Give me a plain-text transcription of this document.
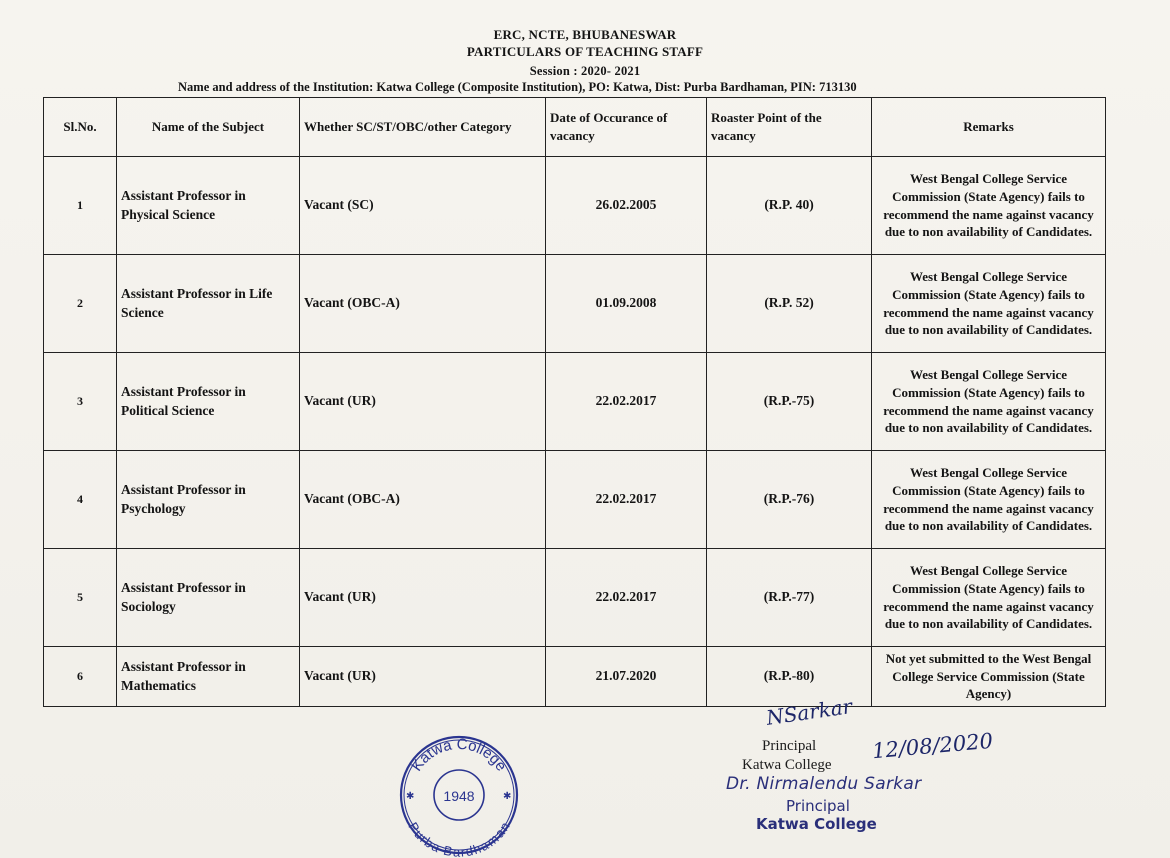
ERC, NCTE, BHUBANESWAR
PARTICULARS OF TEACHING STAFF
Session : 2020- 2021
Name and address of the Institution: Katwa College (Composite Institution), PO: Katwa, Dist: Purba Bardhaman, PIN: 713130
Sl.No.	Name of the Subject	Whether SC/ST/OBC/other Category	Date of Occurance of vacancy	Roaster Point of the vacancy	Remarks
1	Assistant Professor in Physical Science	Vacant (SC)	26.02.2005	(R.P. 40)	West Bengal College Service Commission (State Agency) fails to recommend the name against vacancy due to non availability of Candidates.
2	Assistant Professor in Life Science	Vacant (OBC-A)	01.09.2008	(R.P. 52)	West Bengal College Service Commission (State Agency) fails to recommend the name against vacancy due to non availability of Candidates.
3	Assistant Professor in Political Science	Vacant (UR)	22.02.2017	(R.P.-75)	West Bengal College Service Commission (State Agency) fails to recommend the name against vacancy due to non availability of Candidates.
4	Assistant Professor in Psychology	Vacant (OBC-A)	22.02.2017	(R.P.-76)	West Bengal College Service Commission (State Agency) fails to recommend the name against vacancy due to non availability of Candidates.
5	Assistant Professor in Sociology	Vacant (UR)	22.02.2017	(R.P.-77)	West Bengal College Service Commission (State Agency) fails to recommend the name against vacancy due to non availability of Candidates.
6	Assistant Professor in Mathematics	Vacant (UR)	21.07.2020	(R.P.-80)	Not yet submitted to the West Bengal College Service Commission (State Agency)
Katwa College
Purba Bardhaman
1948
✱	✱
NSarkar
12/08/2020
Principal
Katwa College
Dr. Nirmalendu Sarkar
Principal
Katwa College
